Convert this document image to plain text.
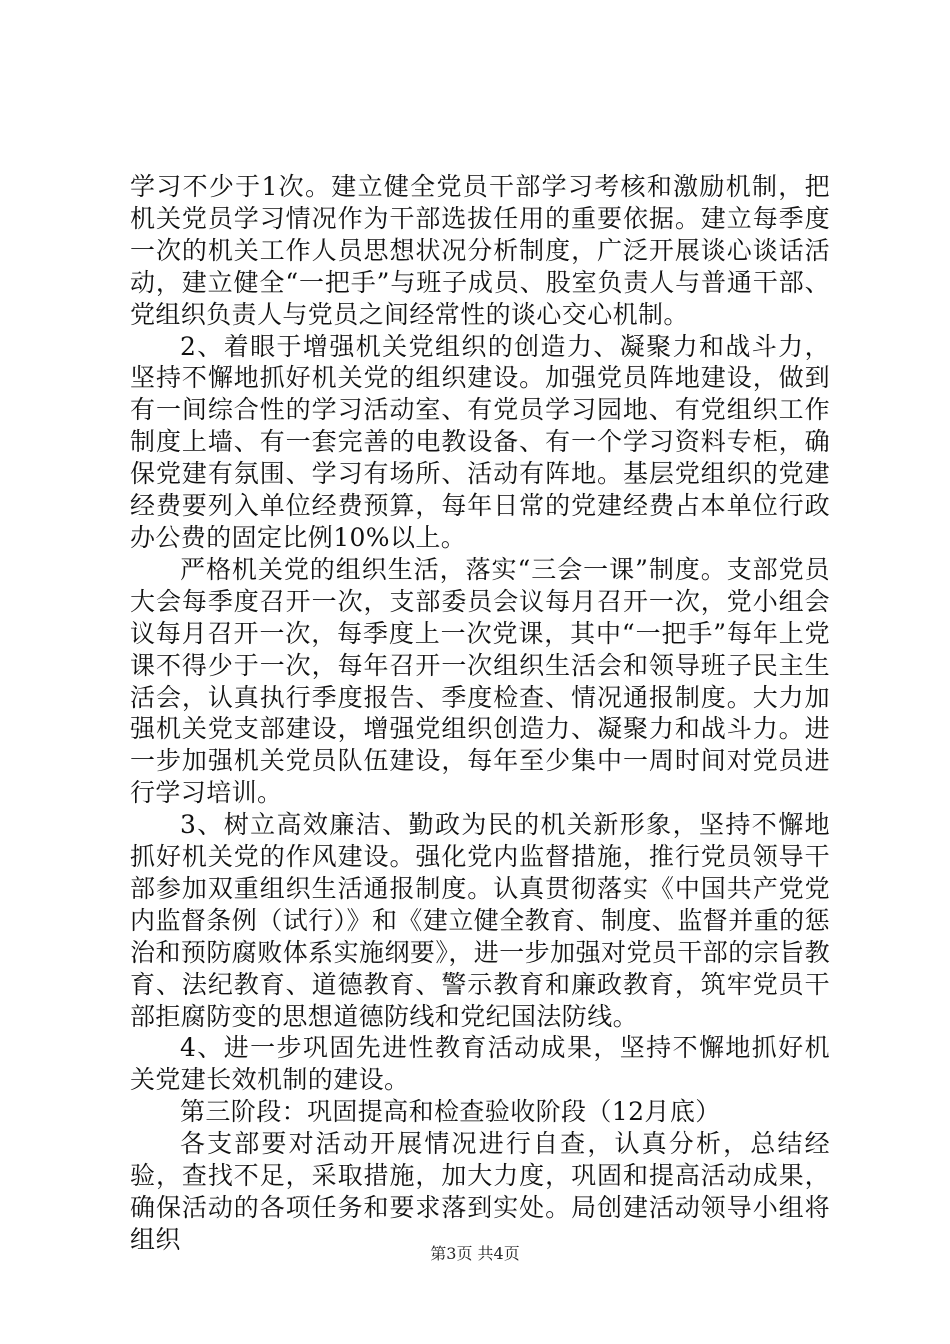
学习不少于1次。建立健全党员干部学习考核和激励机制，把机关党员学习情况作为干部选拔任用的重要依据。建立每季度一次的机关工作人员思想状况分析制度，广泛开展谈心谈话活动，建立健全“一把手”与班子成员、股室负责人与普通干部、党组织负责人与党员之间经常性的谈心交心机制。

2、着眼于增强机关党组织的创造力、凝聚力和战斗力，坚持不懈地抓好机关党的组织建设。加强党员阵地建设，做到有一间综合性的学习活动室、有党员学习园地、有党组织工作制度上墙、有一套完善的电教设备、有一个学习资料专柜，确保党建有氛围、学习有场所、活动有阵地。基层党组织的党建经费要列入单位经费预算，每年日常的党建经费占本单位行政办公费的固定比例10%以上。

严格机关党的组织生活，落实“三会一课”制度。支部党员大会每季度召开一次，支部委员会议每月召开一次，党小组会议每月召开一次，每季度上一次党课，其中“一把手”每年上党课不得少于一次，每年召开一次组织生活会和领导班子民主生活会，认真执行季度报告、季度检查、情况通报制度。大力加强机关党支部建设，增强党组织创造力、凝聚力和战斗力。进一步加强机关党员队伍建设，每年至少集中一周时间对党员进行学习培训。

3、树立高效廉洁、勤政为民的机关新形象，坚持不懈地抓好机关党的作风建设。强化党内监督措施，推行党员领导干部参加双重组织生活通报制度。认真贯彻落实《中国共产党党内监督条例（试行）》和《建立健全教育、制度、监督并重的惩治和预防腐败体系实施纲要》，进一步加强对党员干部的宗旨教育、法纪教育、道德教育、警示教育和廉政教育，筑牢党员干部拒腐防变的思想道德防线和党纪国法防线。

4、进一步巩固先进性教育活动成果，坚持不懈地抓好机关党建长效机制的建设。

第三阶段：巩固提高和检查验收阶段（12月底）

各支部要对活动开展情况进行自查，认真分析，总结经验，查找不足，采取措施，加大力度，巩固和提高活动成果，确保活动的各项任务和要求落到实处。局创建活动领导小组将组织	第3页 共4页
